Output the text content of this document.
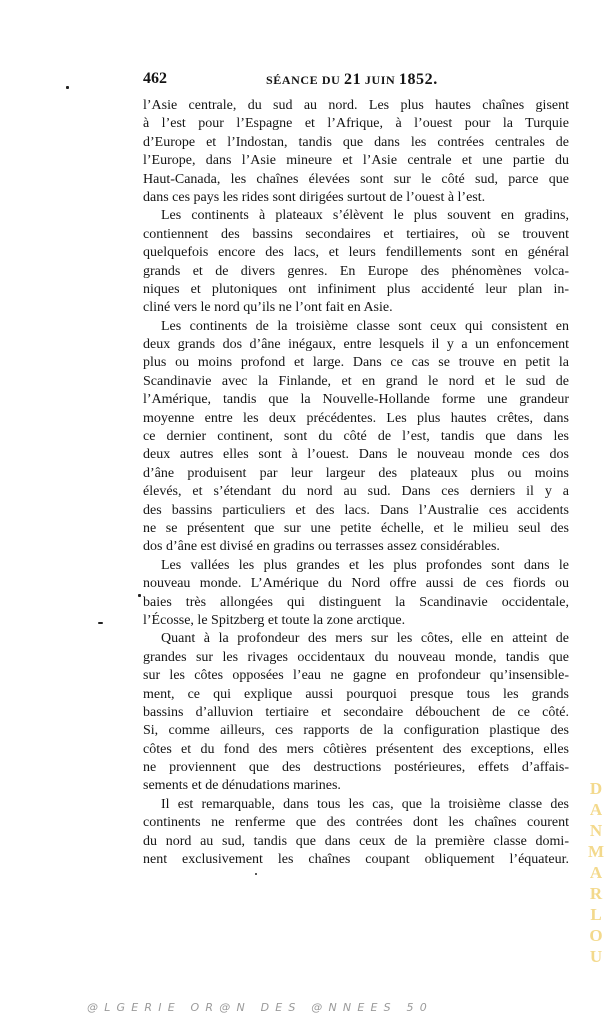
462	SÉANCE DU 21 JUIN 1852.
l’Asie centrale, du sud au nord. Les plus hautes chaînes gisent
à l’est pour l’Espagne et l’Afrique, à l’ouest pour la Turquie
d’Europe et l’Indostan, tandis que dans les contrées centrales de
l’Europe, dans l’Asie mineure et l’Asie centrale et une partie du
Haut-Canada, les chaînes élevées sont sur le côté sud, parce que
dans ces pays les rides sont dirigées surtout de l’ouest à l’est.
Les continents à plateaux s’élèvent le plus souvent en gradins,
contiennent des bassins secondaires et tertiaires, où se trouvent
quelquefois encore des lacs, et leurs fendillements sont en général
grands et de divers genres. En Europe des phénomènes volca-
niques et plutoniques ont infiniment plus accidenté leur plan in-
cliné vers le nord qu’ils ne l’ont fait en Asie.
Les continents de la troisième classe sont ceux qui consistent en
deux grands dos d’âne inégaux, entre lesquels il y a un enfoncement
plus ou moins profond et large. Dans ce cas se trouve en petit la
Scandinavie avec la Finlande, et en grand le nord et le sud de
l’Amérique, tandis que la Nouvelle-Hollande forme une grandeur
moyenne entre les deux précédentes. Les plus hautes crêtes, dans
ce dernier continent, sont du côté de l’est, tandis que dans les
deux autres elles sont à l’ouest. Dans le nouveau monde ces dos
d’âne produisent par leur largeur des plateaux plus ou moins
élevés, et s’étendant du nord au sud. Dans ces derniers il y a
des bassins particuliers et des lacs. Dans l’Australie ces accidents
ne se présentent que sur une petite échelle, et le milieu seul des
dos d’âne est divisé en gradins ou terrasses assez considérables.
Les vallées les plus grandes et les plus profondes sont dans le
nouveau monde. L’Amérique du Nord offre aussi de ces fiords ou
baies très allongées qui distinguent la Scandinavie occidentale,
l’Écosse, le Spitzberg et toute la zone arctique.
Quant à la profondeur des mers sur les côtes, elle en atteint de
grandes sur les rivages occidentaux du nouveau monde, tandis que
sur les côtes opposées l’eau ne gagne en profondeur qu’insensible-
ment, ce qui explique aussi pourquoi presque tous les grands
bassins d’alluvion tertiaire et secondaire débouchent de ce côté.
Si, comme ailleurs, ces rapports de la configuration plastique des
côtes et du fond des mers côtières présentent des exceptions, elles
ne proviennent que des destructions postérieures, effets d’affais-
sements et de dénudations marines.
Il est remarquable, dans tous les cas, que la troisième classe des
continents ne renferme que des contrées dont les chaînes courent
du nord au sud, tandis que dans ceux de la première classe domi-
nent exclusivement les chaînes coupant obliquement l’équateur.
D
A
N
M
A
R
L
O
U
@LGERIE OR@N DES @NNEES 50
